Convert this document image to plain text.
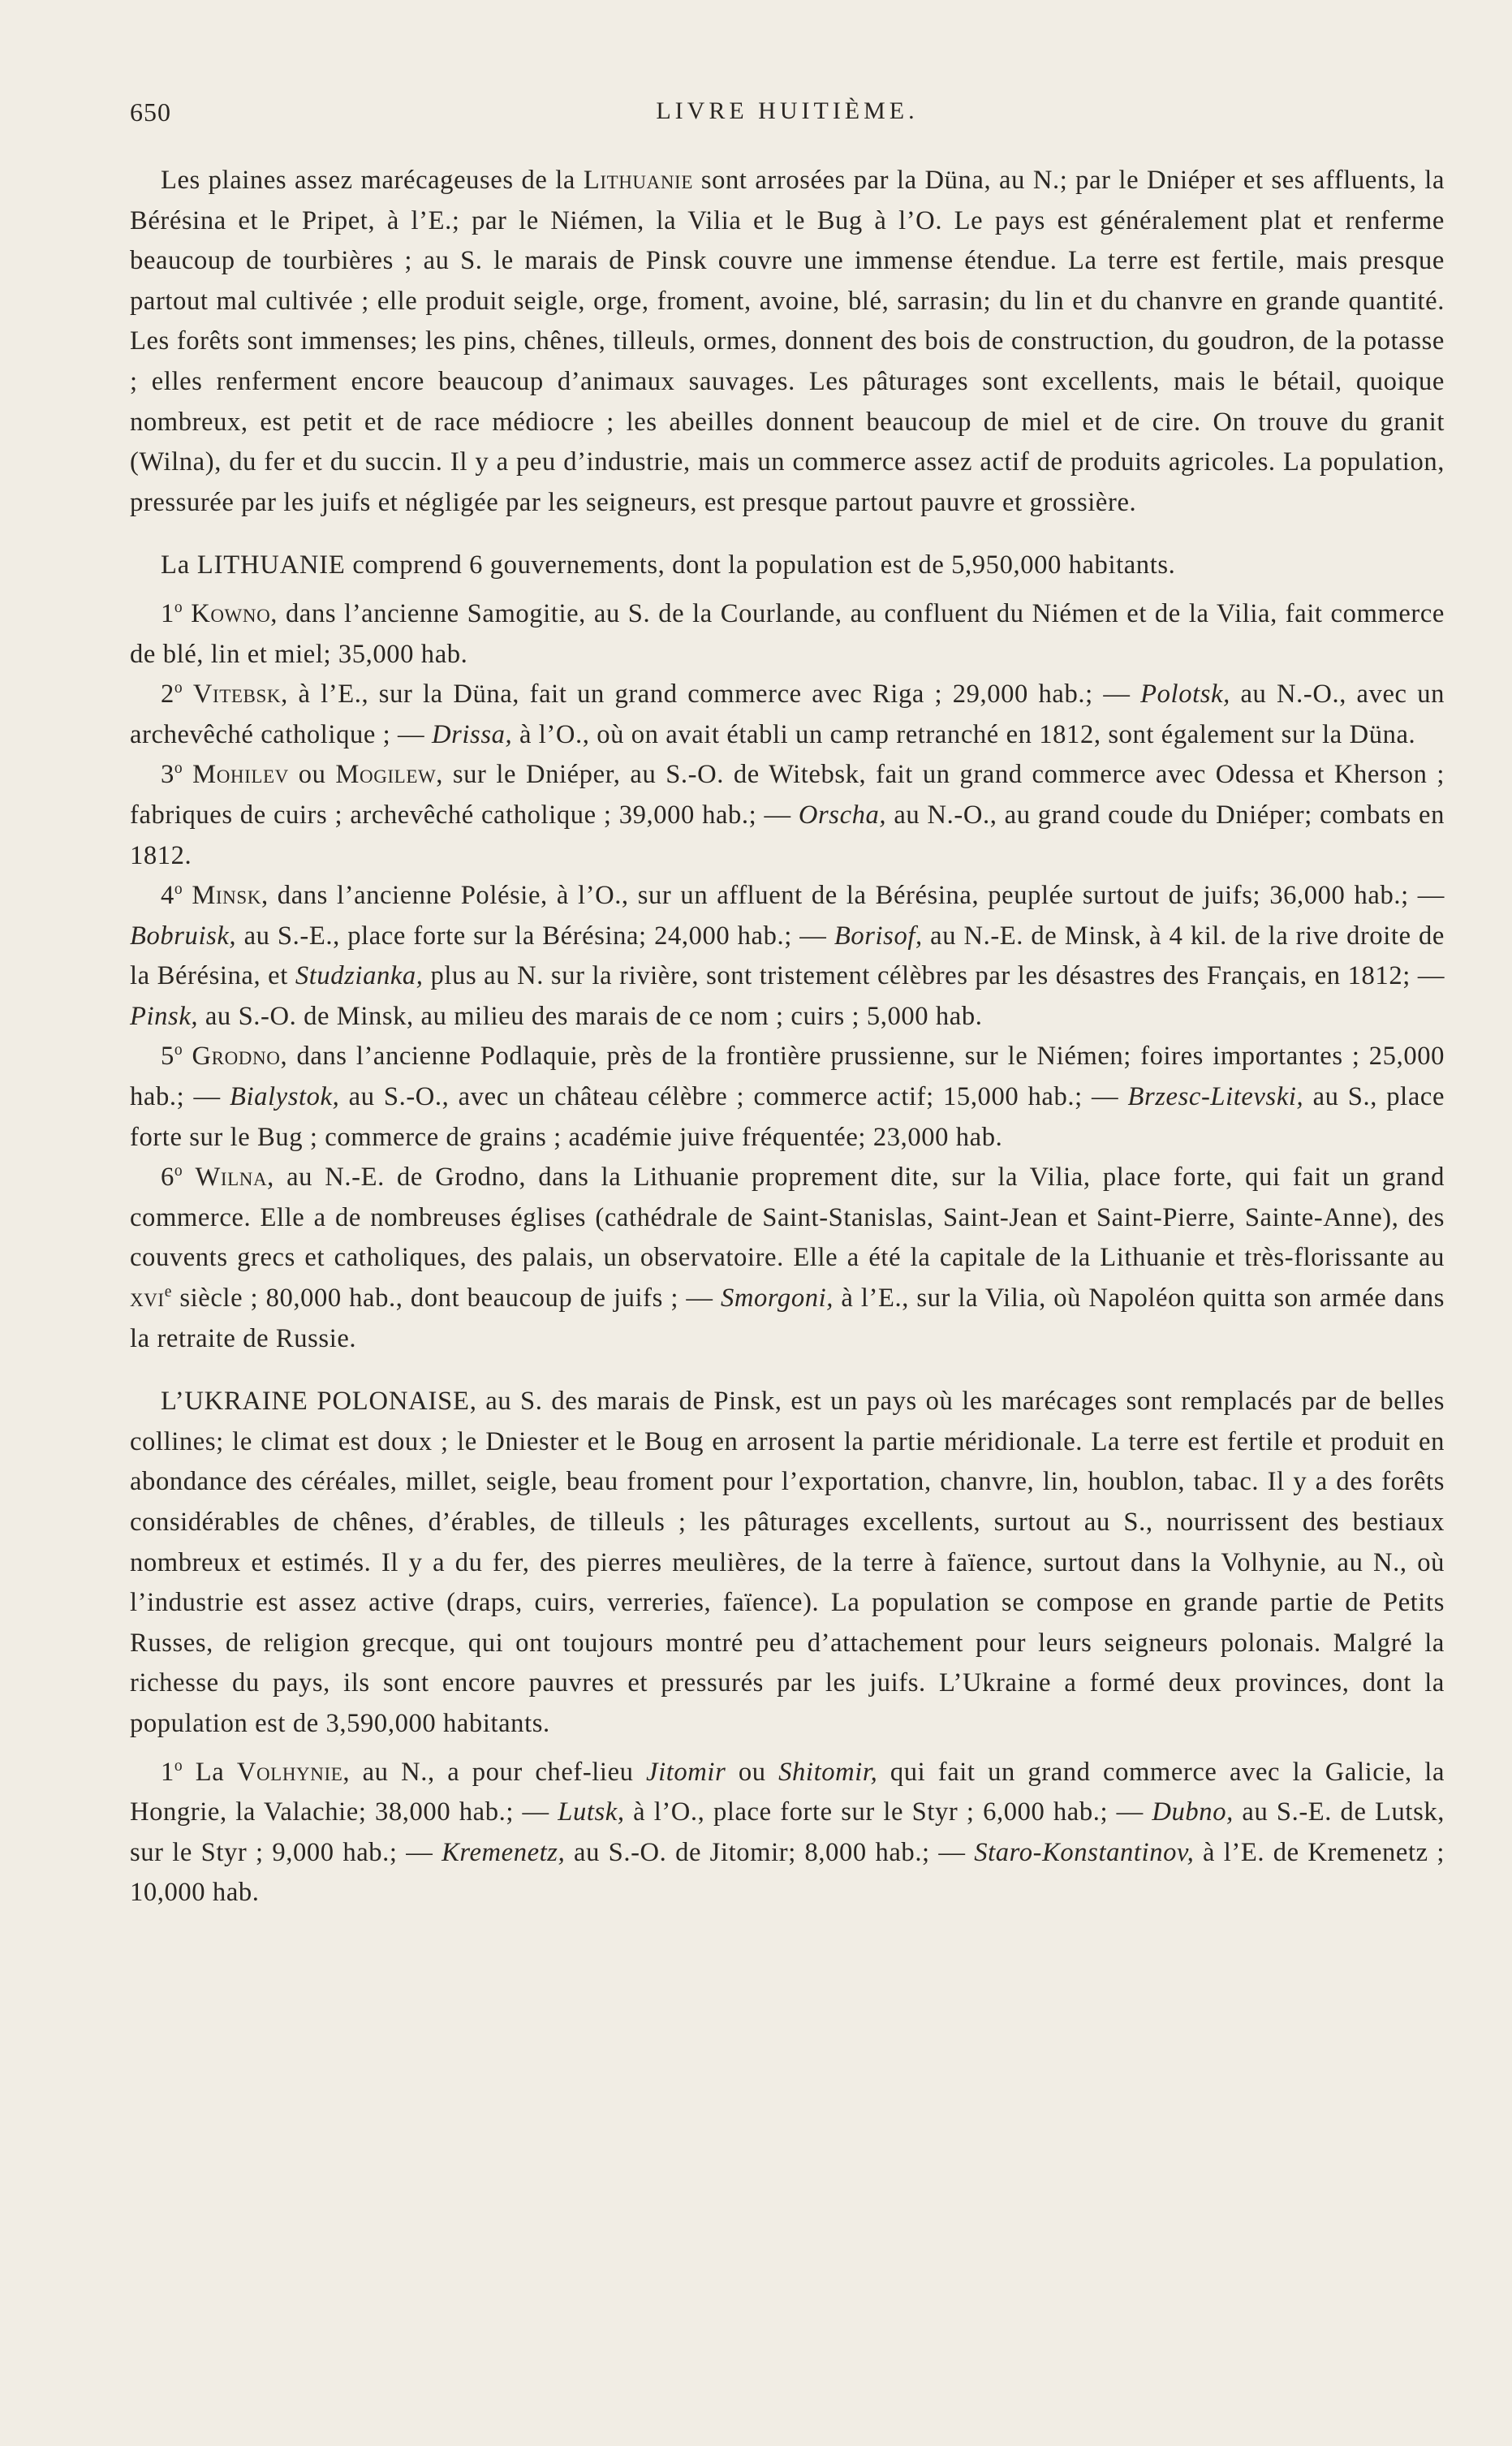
650	LIVRE HUITIÈME.

Les plaines assez marécageuses de la Lithuanie sont arrosées par la Düna, au N.; par le Dniéper et ses affluents, la Bérésina et le Pripet, à l’E.; par le Niémen, la Vilia et le Bug à l’O. Le pays est généralement plat et renferme beaucoup de tourbières ; au S. le marais de Pinsk couvre une immense étendue. La terre est fertile, mais presque partout mal cultivée ; elle produit seigle, orge, froment, avoine, blé, sarrasin; du lin et du chanvre en grande quantité. Les forêts sont immenses; les pins, chênes, tilleuls, ormes, donnent des bois de construction, du goudron, de la potasse ; elles renferment encore beaucoup d’animaux sauvages. Les pâturages sont excellents, mais le bétail, quoique nombreux, est petit et de race médiocre ; les abeilles donnent beaucoup de miel et de cire. On trouve du granit (Wilna), du fer et du succin. Il y a peu d’industrie, mais un commerce assez actif de produits agricoles. La population, pressurée par les juifs et négligée par les seigneurs, est presque partout pauvre et grossière.

La LITHUANIE comprend 6 gouvernements, dont la population est de 5,950,000 habitants.

1$^o$ Kowno, dans l’ancienne Samogitie, au S. de la Courlande, au confluent du Niémen et de la Vilia, fait commerce de blé, lin et miel; 35,000 hab.

2$^o$ Vitebsk, à l’E., sur la Düna, fait un grand commerce avec Riga ; 29,000 hab.; — Polotsk, au N.-O., avec un archevêché catholique ; — Drissa, à l’O., où on avait établi un camp retranché en 1812, sont également sur la Düna.

3$^o$ Mohilev ou Mogilew, sur le Dniéper, au S.-O. de Witebsk, fait un grand commerce avec Odessa et Kherson ; fabriques de cuirs ; archevêché catholique ; 39,000 hab.; — Orscha, au N.-O., au grand coude du Dniéper; combats en 1812.

4$^o$ Minsk, dans l’ancienne Polésie, à l’O., sur un affluent de la Bérésina, peuplée surtout de juifs; 36,000 hab.; — Bobruisk, au S.-E., place forte sur la Bérésina; 24,000 hab.; — Borisof, au N.-E. de Minsk, à 4 kil. de la rive droite de la Bérésina, et Studzianka, plus au N. sur la rivière, sont tristement célèbres par les désastres des Français, en 1812; — Pinsk, au S.-O. de Minsk, au milieu des marais de ce nom ; cuirs ; 5,000 hab.

5$^o$ Grodno, dans l’ancienne Podlaquie, près de la frontière prussienne, sur le Niémen; foires importantes ; 25,000 hab.; — Bialystok, au S.-O., avec un château célèbre ; commerce actif; 15,000 hab.; — Brzesc-Litevski, au S., place forte sur le Bug ; commerce de grains ; académie juive fréquentée; 23,000 hab.

6$^o$ Wilna, au N.-E. de Grodno, dans la Lithuanie proprement dite, sur la Vilia, place forte, qui fait un grand commerce. Elle a de nombreuses églises (cathédrale de Saint-Stanislas, Saint-Jean et Saint-Pierre, Sainte-Anne), des couvents grecs et catholiques, des palais, un observatoire. Elle a été la capitale de la Lithuanie et très-florissante au xvi$^e$ siècle ; 80,000 hab., dont beaucoup de juifs ; — Smorgoni, à l’E., sur la Vilia, où Napoléon quitta son armée dans la retraite de Russie.

L’UKRAINE POLONAISE, au S. des marais de Pinsk, est un pays où les marécages sont remplacés par de belles collines; le climat est doux ; le Dniester et le Boug en arrosent la partie méridionale. La terre est fertile et produit en abondance des céréales, millet, seigle, beau froment pour l’exportation, chanvre, lin, houblon, tabac. Il y a des forêts considérables de chênes, d’érables, de tilleuls ; les pâturages excellents, surtout au S., nourrissent des bestiaux nombreux et estimés. Il y a du fer, des pierres meulières, de la terre à faïence, surtout dans la Volhynie, au N., où l’industrie est assez active (draps, cuirs, verreries, faïence). La population se compose en grande partie de Petits Russes, de religion grecque, qui ont toujours montré peu d’attachement pour leurs seigneurs polonais. Malgré la richesse du pays, ils sont encore pauvres et pressurés par les juifs. L’Ukraine a formé deux provinces, dont la population est de 3,590,000 habitants.

1$^o$ La Volhynie, au N., a pour chef-lieu Jitomir ou Shitomir, qui fait un grand commerce avec la Galicie, la Hongrie, la Valachie; 38,000 hab.; — Lutsk, à l’O., place forte sur le Styr ; 6,000 hab.; — Dubno, au S.-E. de Lutsk, sur le Styr ; 9,000 hab.; — Kremenetz, au S.-O. de Jitomir; 8,000 hab.; — Staro-Konstantinov, à l’E. de Kremenetz ; 10,000 hab.
